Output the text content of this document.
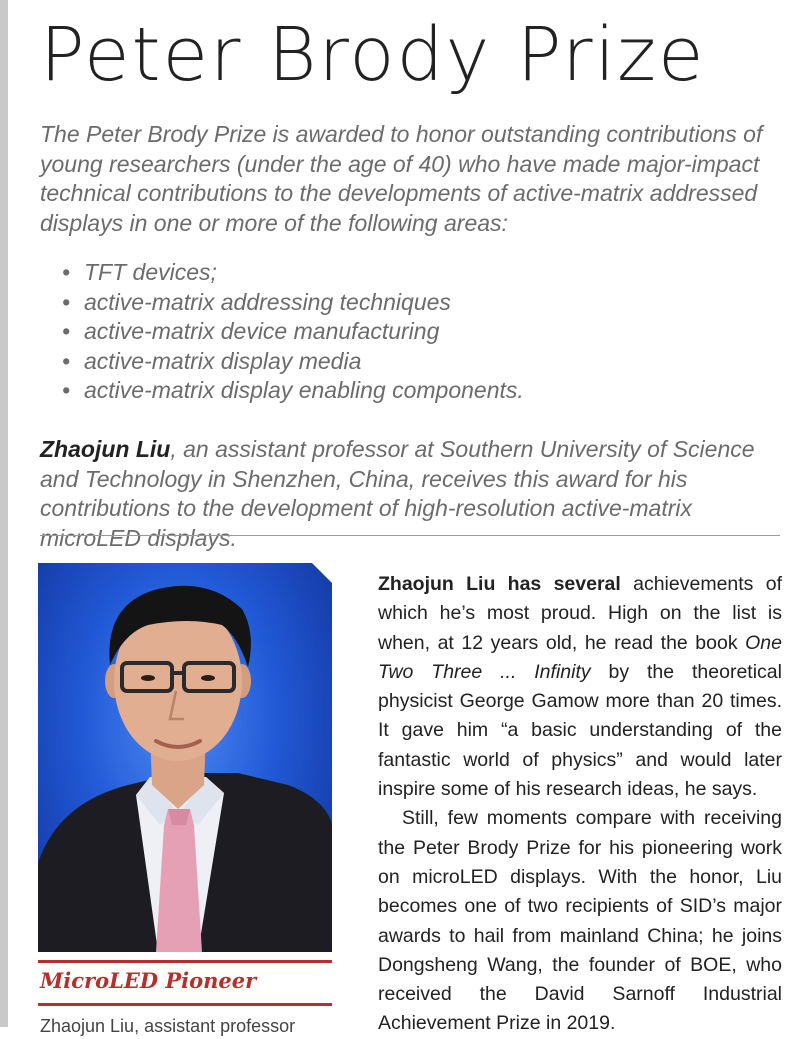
Peter Brody Prize

The Peter Brody Prize is awarded to honor outstanding contributions of young researchers (under the age of 40) who have made major-impact technical contributions to the developments of active-matrix addressed displays in one or more of the following areas:

• TFT devices;
• active-matrix addressing techniques
• active-matrix device manufacturing
• active-matrix display media
• active-matrix display enabling components.

Zhaojun Liu, an assistant professor at Southern University of Science and Technology in Shenzhen, China, receives this award for his contributions to the development of high-resolution active-matrix microLED displays.

MicroLED Pioneer

Zhaojun Liu, assistant professor

Zhaojun Liu has several achievements of which he’s most proud. High on the list is when, at 12 years old, he read the book One Two Three ... Infinity by the theoretical physicist George Gamow more than 20 times. It gave him “a basic understanding of the fantastic world of physics” and would later inspire some of his research ideas, he says.

Still, few moments compare with receiving the Peter Brody Prize for his pioneering work on microLED displays. With the honor, Liu becomes one of two recipients of SID’s major awards to hail from mainland China; he joins Dongsheng Wang, the founder of BOE, who received the David Sarnoff Industrial Achievement Prize in 2019.
